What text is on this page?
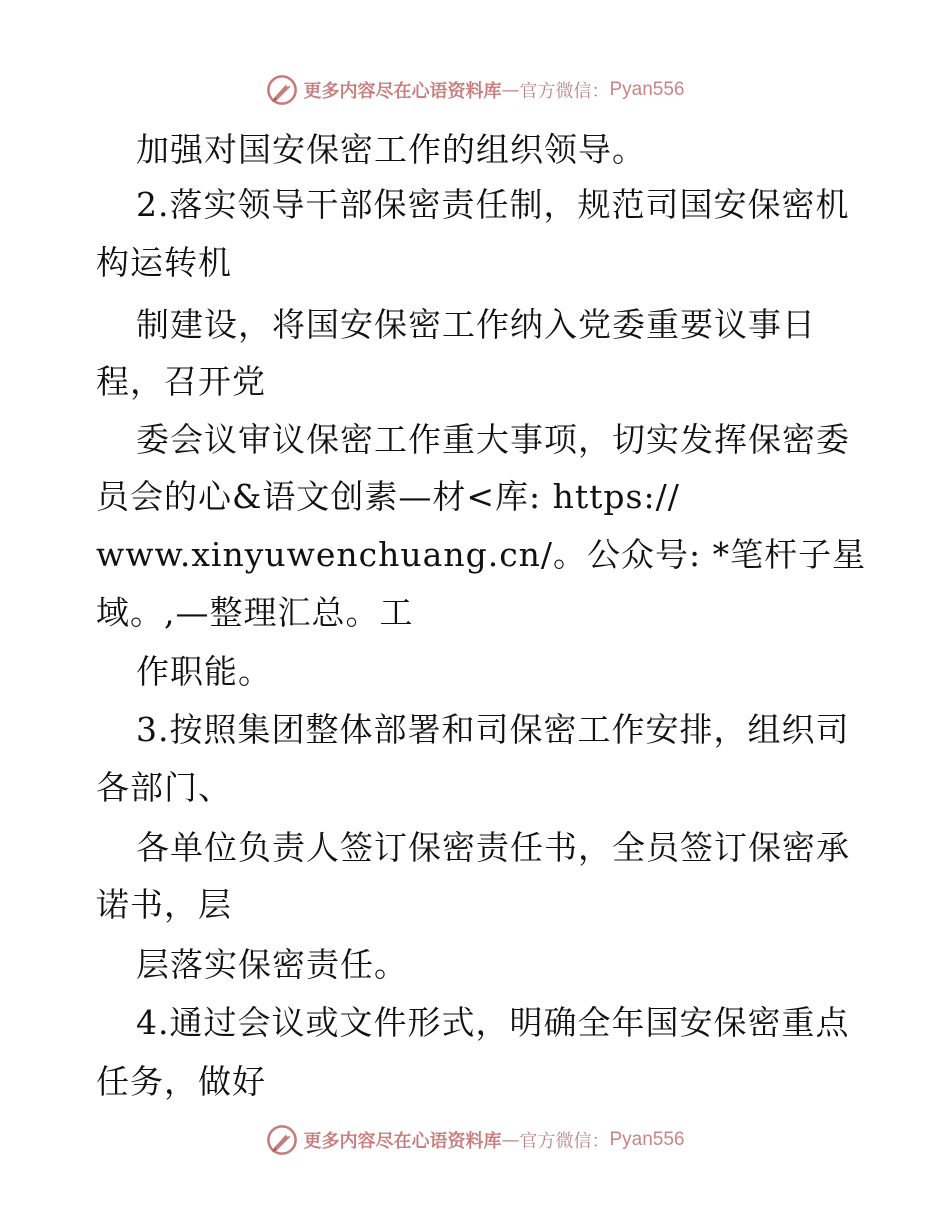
更多内容尽在心语资料库 — 官方微信： Pyan556
加强对国安保密工作的组织领导。
2.落实领导干部保密责任制，规范司国安保密机
构运转机
制建设，将国安保密工作纳入党委重要议事日
程，召开党
委会议审议保密工作重大事项，切实发挥保密委
员会的心&语文创素—材<库: https://
www.xinyuwenchuang.cn/。公众号: *笔杆子星
域。,—整理汇总。工
作职能。
3.按照集团整体部署和司保密工作安排，组织司
各部门、
各单位负责人签订保密责任书，全员签订保密承
诺书，层
层落实保密责任。
4.通过会议或文件形式，明确全年国安保密重点
任务，做好
更多内容尽在心语资料库 — 官方微信： Pyan556
